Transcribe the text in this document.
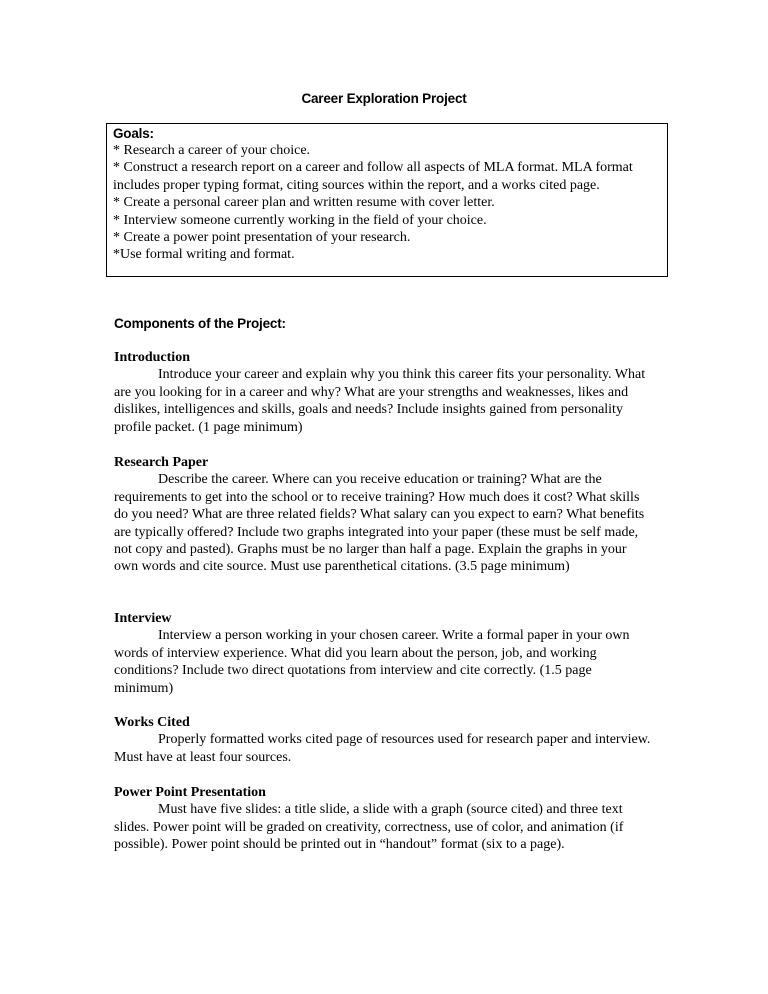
Career Exploration Project
Goals:

* Research a career of your choice.

* Construct a research report on a career and follow all aspects of MLA format. MLA format includes proper typing format, citing sources within the report, and a works cited page.

* Create a personal career plan and written resume with cover letter.

* Interview someone currently working in the field of your choice.

* Create a power point presentation of your research.

*Use formal writing and format.

Components of the Project:
Introduction

Introduce your career and explain why you think this career fits your personality. What are you looking for in a career and why? What are your strengths and weaknesses, likes and dislikes, intelligences and skills, goals and needs? Include insights gained from personality profile packet. (1 page minimum)

Research Paper

Describe the career. Where can you receive education or training? What are the requirements to get into the school or to receive training? How much does it cost? What skills do you need? What are three related fields? What salary can you expect to earn? What benefits are typically offered? Include two graphs integrated into your paper (these must be self made, not copy and pasted). Graphs must be no larger than half a page. Explain the graphs in your own words and cite source. Must use parenthetical citations. (3.5 page minimum)

Interview

Interview a person working in your chosen career. Write a formal paper in your own words of interview experience. What did you learn about the person, job, and working conditions? Include two direct quotations from interview and cite correctly. (1.5 page minimum)

Works Cited

Properly formatted works cited page of resources used for research paper and interview. Must have at least four sources.

Power Point Presentation

Must have five slides: a title slide, a slide with a graph (source cited) and three text slides. Power point will be graded on creativity, correctness, use of color, and animation (if possible). Power point should be printed out in “handout” format (six to a page).
